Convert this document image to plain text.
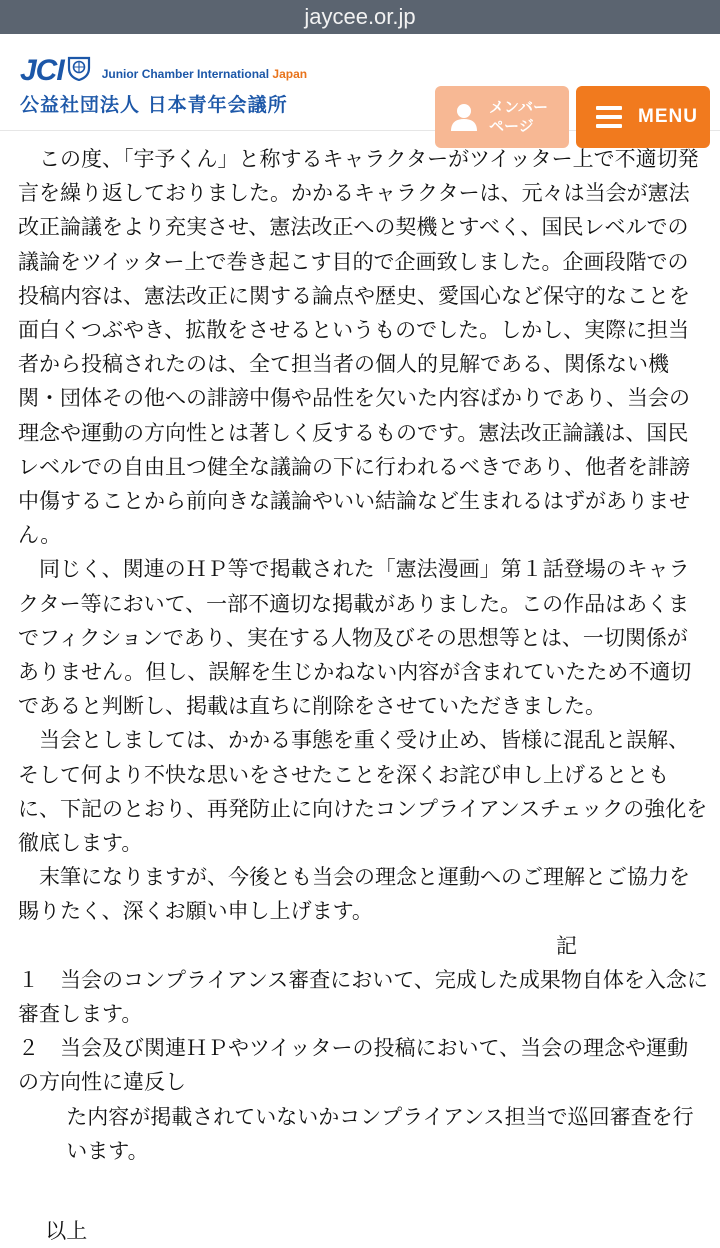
jaycee.or.jp
JCI	Junior Chamber International Japan
公益社団法人 日本青年会議所	メンバー
ページ	MENU

この度、「宇予くん」と称するキャラクターがツイッター上で不適切発言を繰り返しておりました。かかるキャラクターは、元々は当会が憲法改正論議をより充実させ、憲法改正への契機とすべく、国民レベルでの議論をツイッター上で巻き起こす目的で企画致しました。企画段階での投稿内容は、憲法改正に関する論点や歴史、愛国心など保守的なことを面白くつぶやき、拡散をさせるというものでした。しかし、実際に担当者から投稿されたのは、全て担当者の個人的見解である、関係ない機関・団体その他への誹謗中傷や品性を欠いた内容ばかりであり、当会の理念や運動の方向性とは著しく反するものです。憲法改正論議は、国民レベルでの自由且つ健全な議論の下に行われるべきであり、他者を誹謗中傷することから前向きな議論やいい結論など生まれるはずがありません。

同じく、関連のＨＰ等で掲載された「憲法漫画」第１話登場のキャラクター等において、一部不適切な掲載がありました。この作品はあくまでフィクションであり、実在する人物及びその思想等とは、一切関係がありません。但し、誤解を生じかねない内容が含まれていたため不適切であると判断し、掲載は直ちに削除をさせていただきました。

当会としましては、かかる事態を重く受け止め、皆様に混乱と誤解、そして何より不快な思いをさせたことを深くお詫び申し上げるとともに、下記のとおり、再発防止に向けたコンプライアンスチェックの強化を徹底します。

末筆になりますが、今後とも当会の理念と運動へのご理解とご協力を賜りたく、深くお願い申し上げます。

記

１　当会のコンプライアンス審査において、完成した成果物自体を入念に審査します。

２　当会及び関連ＨＰやツイッターの投稿において、当会の理念や運動の方向性に違反し

た内容が掲載されていないかコンプライアンス担当で巡回審査を行います。

以上
